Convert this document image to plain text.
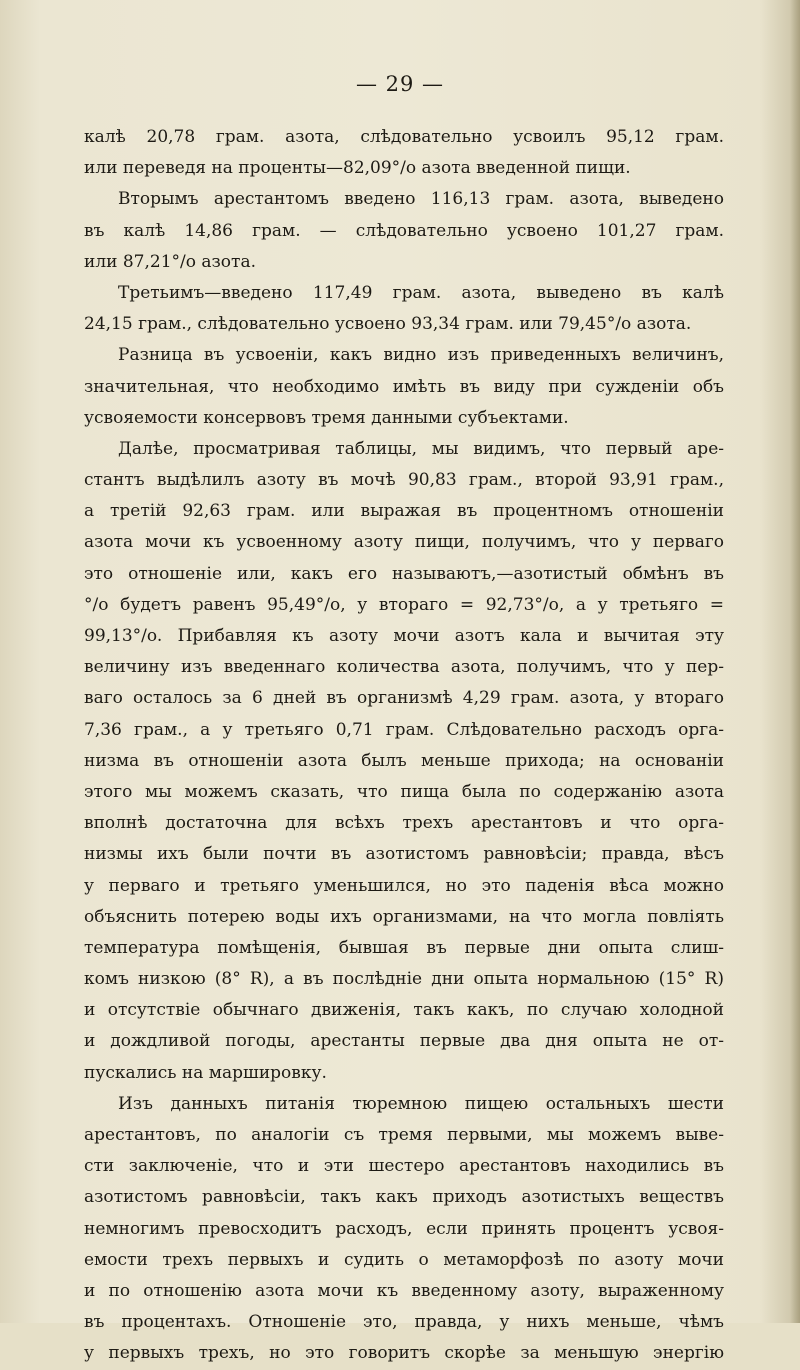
— 29 —
калѣ 20,78 грам. азота, слѣдовательно усвоилъ 95,12 грам.
или переведя на проценты—82,09°/o азота введенной пищи.
Вторымъ арестантомъ введено 116,13 грам. азота, выведено
въ калѣ 14,86 грам. — слѣдовательно усвоено 101,27 грам.
или 87,21°/o азота.
Третьимъ—введено 117,49 грам. азота, выведено въ калѣ
24,15 грам., слѣдовательно усвоено 93,34 грам. или 79,45°/o азота.
Разница въ усвоеніи, какъ видно изъ приведенныхъ величинъ,
значительная, что необходимо имѣть въ виду при сужденіи объ
усвояемости консервовъ тремя данными субъектами.
Далѣе, просматривая таблицы, мы видимъ, что первый аре-
стантъ выдѣлилъ азоту въ мочѣ 90,83 грам., второй 93,91 грам.,
а третій 92,63 грам. или выражая въ процентномъ отношеніи
азота мочи къ усвоенному азоту пищи, получимъ, что у перваго
это отношеніе или, какъ его называютъ,—азотистый обмѣнъ въ
°/o будетъ равенъ 95,49°/o, у втораго = 92,73°/o, а у третьяго =
99,13°/o. Прибавляя къ азоту мочи азотъ кала и вычитая эту
величину изъ введеннаго количества азота, получимъ, что у пер-
ваго осталось за 6 дней въ организмѣ 4,29 грам. азота, у втораго
7,36 грам., а у третьяго 0,71 грам. Слѣдовательно расходъ орга-
низма въ отношеніи азота былъ меньше прихода; на основаніи
этого мы можемъ сказать, что пища была по содержанію азота
вполнѣ достаточна для всѣхъ трехъ арестантовъ и что орга-
низмы ихъ были почти въ азотистомъ равновѣсіи; правда, вѣсъ
у перваго и третьяго уменьшился, но это паденія вѣса можно
объяснить потерею воды ихъ организмами, на что могла повліять
температура помѣщенія, бывшая въ первые дни опыта слиш-
комъ низкою (8° R), а въ послѣдніе дни опыта нормальною (15° R)
и отсутствіе обычнаго движенія, такъ какъ, по случаю холодной
и дождливой погоды, арестанты первые два дня опыта не от-
пускались на маршировку.
Изъ данныхъ питанія тюремною пищею остальныхъ шести
арестантовъ, по аналогіи съ тремя первыми, мы можемъ выве-
сти заключеніе, что и эти шестеро арестантовъ находились въ
азотистомъ равновѣсіи, такъ какъ приходъ азотистыхъ веществъ
немногимъ превосходитъ расходъ, если принять процентъ усвоя-
емости трехъ первыхъ и судить о метаморфозѣ по азоту мочи
и по отношенію азота мочи къ введенному азоту, выраженному
въ процентахъ. Отношеніе это, правда, у нихъ меньше, чѣмъ
у первыхъ трехъ, но это говоритъ скорѣе за меньшую энергію
